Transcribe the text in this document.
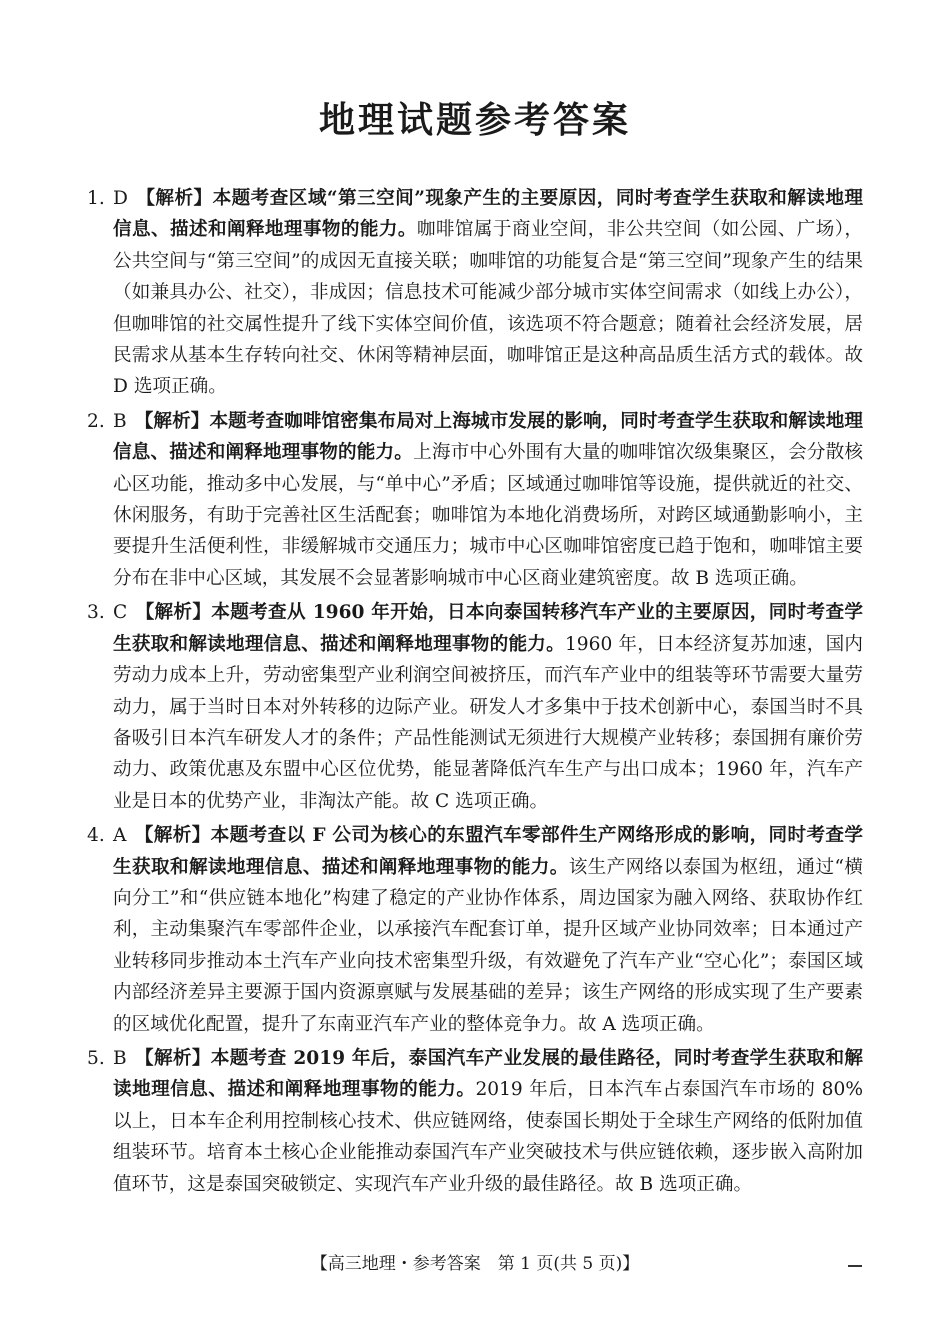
地理试题参考答案
1. D 【解析】本题考查区域“第三空间”现象产生的主要原因，同时考查学生获取和解读地理信息、描述和阐释地理事物的能力。咖啡馆属于商业空间，非公共空间（如公园、广场），公共空间与“第三空间”的成因无直接关联；咖啡馆的功能复合是“第三空间”现象产生的结果（如兼具办公、社交），非成因；信息技术可能减少部分城市实体空间需求（如线上办公），但咖啡馆的社交属性提升了线下实体空间价值，该选项不符合题意；随着社会经济发展，居民需求从基本生存转向社交、休闲等精神层面，咖啡馆正是这种高品质生活方式的载体。故 D 选项正确。
2. B 【解析】本题考查咖啡馆密集布局对上海城市发展的影响，同时考查学生获取和解读地理信息、描述和阐释地理事物的能力。上海市中心外围有大量的咖啡馆次级集聚区，会分散核心区功能，推动多中心发展，与“单中心”矛盾；区域通过咖啡馆等设施，提供就近的社交、休闲服务，有助于完善社区生活配套；咖啡馆为本地化消费场所，对跨区域通勤影响小，主要提升生活便利性，非缓解城市交通压力；城市中心区咖啡馆密度已趋于饱和，咖啡馆主要分布在非中心区域，其发展不会显著影响城市中心区商业建筑密度。故 B 选项正确。
3. C 【解析】本题考查从 1960 年开始，日本向泰国转移汽车产业的主要原因，同时考查学生获取和解读地理信息、描述和阐释地理事物的能力。1960 年，日本经济复苏加速，国内劳动力成本上升，劳动密集型产业利润空间被挤压，而汽车产业中的组装等环节需要大量劳动力，属于当时日本对外转移的边际产业。研发人才多集中于技术创新中心，泰国当时不具备吸引日本汽车研发人才的条件；产品性能测试无须进行大规模产业转移；泰国拥有廉价劳动力、政策优惠及东盟中心区位优势，能显著降低汽车生产与出口成本；1960 年，汽车产业是日本的优势产业，非淘汰产能。故 C 选项正确。
4. A 【解析】本题考查以 F 公司为核心的东盟汽车零部件生产网络形成的影响，同时考查学生获取和解读地理信息、描述和阐释地理事物的能力。该生产网络以泰国为枢纽，通过“横向分工”和“供应链本地化”构建了稳定的产业协作体系，周边国家为融入网络、获取协作红利，主动集聚汽车零部件企业，以承接汽车配套订单，提升区域产业协同效率；日本通过产业转移同步推动本土汽车产业向技术密集型升级，有效避免了汽车产业“空心化”；泰国区域内部经济差异主要源于国内资源禀赋与发展基础的差异；该生产网络的形成实现了生产要素的区域优化配置，提升了东南亚汽车产业的整体竞争力。故 A 选项正确。
5. B 【解析】本题考查 2019 年后，泰国汽车产业发展的最佳路径，同时考查学生获取和解读地理信息、描述和阐释地理事物的能力。2019 年后，日本汽车占泰国汽车市场的 80% 以上，日本车企利用控制核心技术、供应链网络，使泰国长期处于全球生产网络的低附加值组装环节。培育本土核心企业能推动泰国汽车产业突破技术与供应链依赖，逐步嵌入高附加值环节，这是泰国突破锁定、实现汽车产业升级的最佳路径。故 B 选项正确。
【高三地理・参考答案　第 1 页(共 5 页)】
